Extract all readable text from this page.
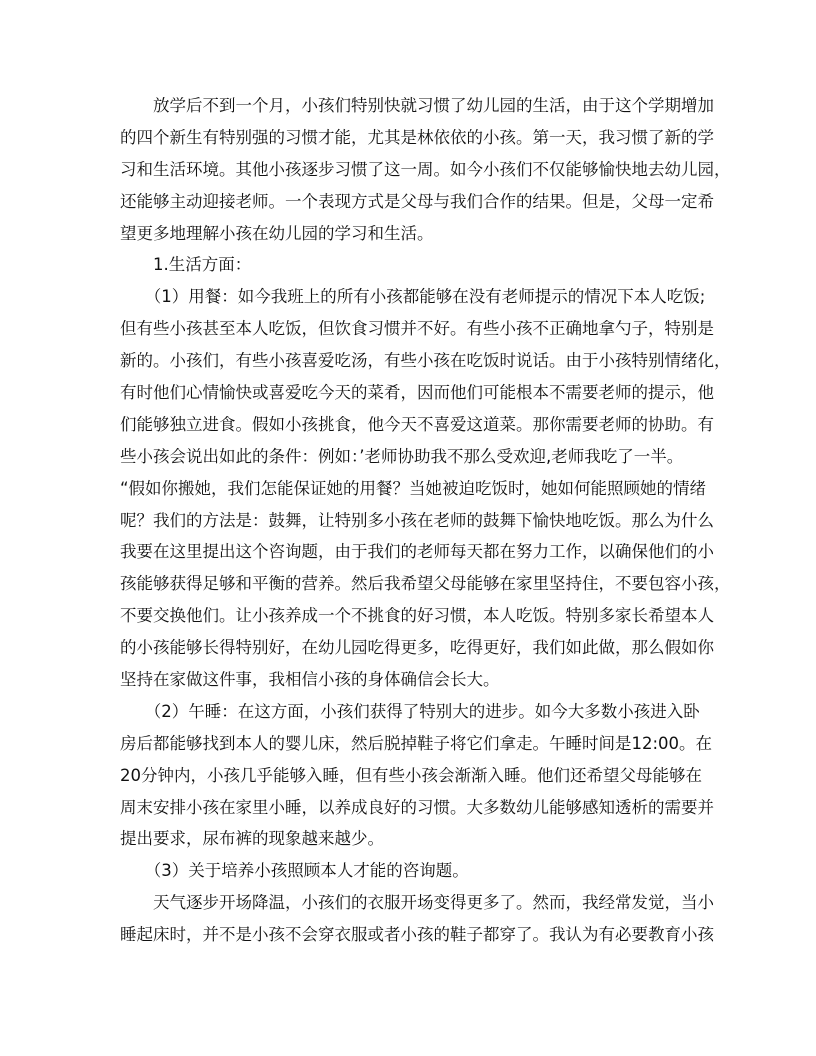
　　放学后不到一个月，小孩们特别快就习惯了幼儿园的生活，由于这个学期增加
的四个新生有特别强的习惯才能，尤其是林依依的小孩。第一天，我习惯了新的学
习和生活环境。其他小孩逐步习惯了这一周。如今小孩们不仅能够愉快地去幼儿园，
还能够主动迎接老师。一个表现方式是父母与我们合作的结果。但是，父母一定希
望更多地理解小孩在幼儿园的学习和生活。
　　1.生活方面：
　　（1）用餐：如今我班上的所有小孩都能够在没有老师提示的情况下本人吃饭;
但有些小孩甚至本人吃饭，但饮食习惯并不好。有些小孩不正确地拿勺子，特别是
新的。小孩们，有些小孩喜爱吃汤，有些小孩在吃饭时说话。由于小孩特别情绪化，
有时他们心情愉快或喜爱吃今天的菜肴，因而他们可能根本不需要老师的提示，他
们能够独立进食。假如小孩挑食，他今天不喜爱这道菜。那你需要老师的协助。有
些小孩会说出如此的条件：例如：’老师协助我不那么受欢迎,老师我吃了一半。
“假如你搬她，我们怎能保证她的用餐？当她被迫吃饭时，她如何能照顾她的情绪
呢？我们的方法是：鼓舞，让特别多小孩在老师的鼓舞下愉快地吃饭。那么为什么
我要在这里提出这个咨询题，由于我们的老师每天都在努力工作，以确保他们的小
孩能够获得足够和平衡的营养。然后我希望父母能够在家里坚持住，不要包容小孩，
不要交换他们。让小孩养成一个不挑食的好习惯，本人吃饭。特别多家长希望本人
的小孩能够长得特别好，在幼儿园吃得更多，吃得更好，我们如此做，那么假如你
坚持在家做这件事，我相信小孩的身体确信会长大。
　　（2）午睡：在这方面，小孩们获得了特别大的进步。如今大多数小孩进入卧
房后都能够找到本人的婴儿床，然后脱掉鞋子将它们拿走。午睡时间是12:00。在
20分钟内，小孩几乎能够入睡，但有些小孩会渐渐入睡。他们还希望父母能够在
周末安排小孩在家里小睡，以养成良好的习惯。大多数幼儿能够感知透析的需要并
提出要求，尿布裤的现象越来越少。
　　（3）关于培养小孩照顾本人才能的咨询题。
　　天气逐步开场降温，小孩们的衣服开场变得更多了。然而，我经常发觉，当小
睡起床时，并不是小孩不会穿衣服或者小孩的鞋子都穿了。我认为有必要教育小孩
